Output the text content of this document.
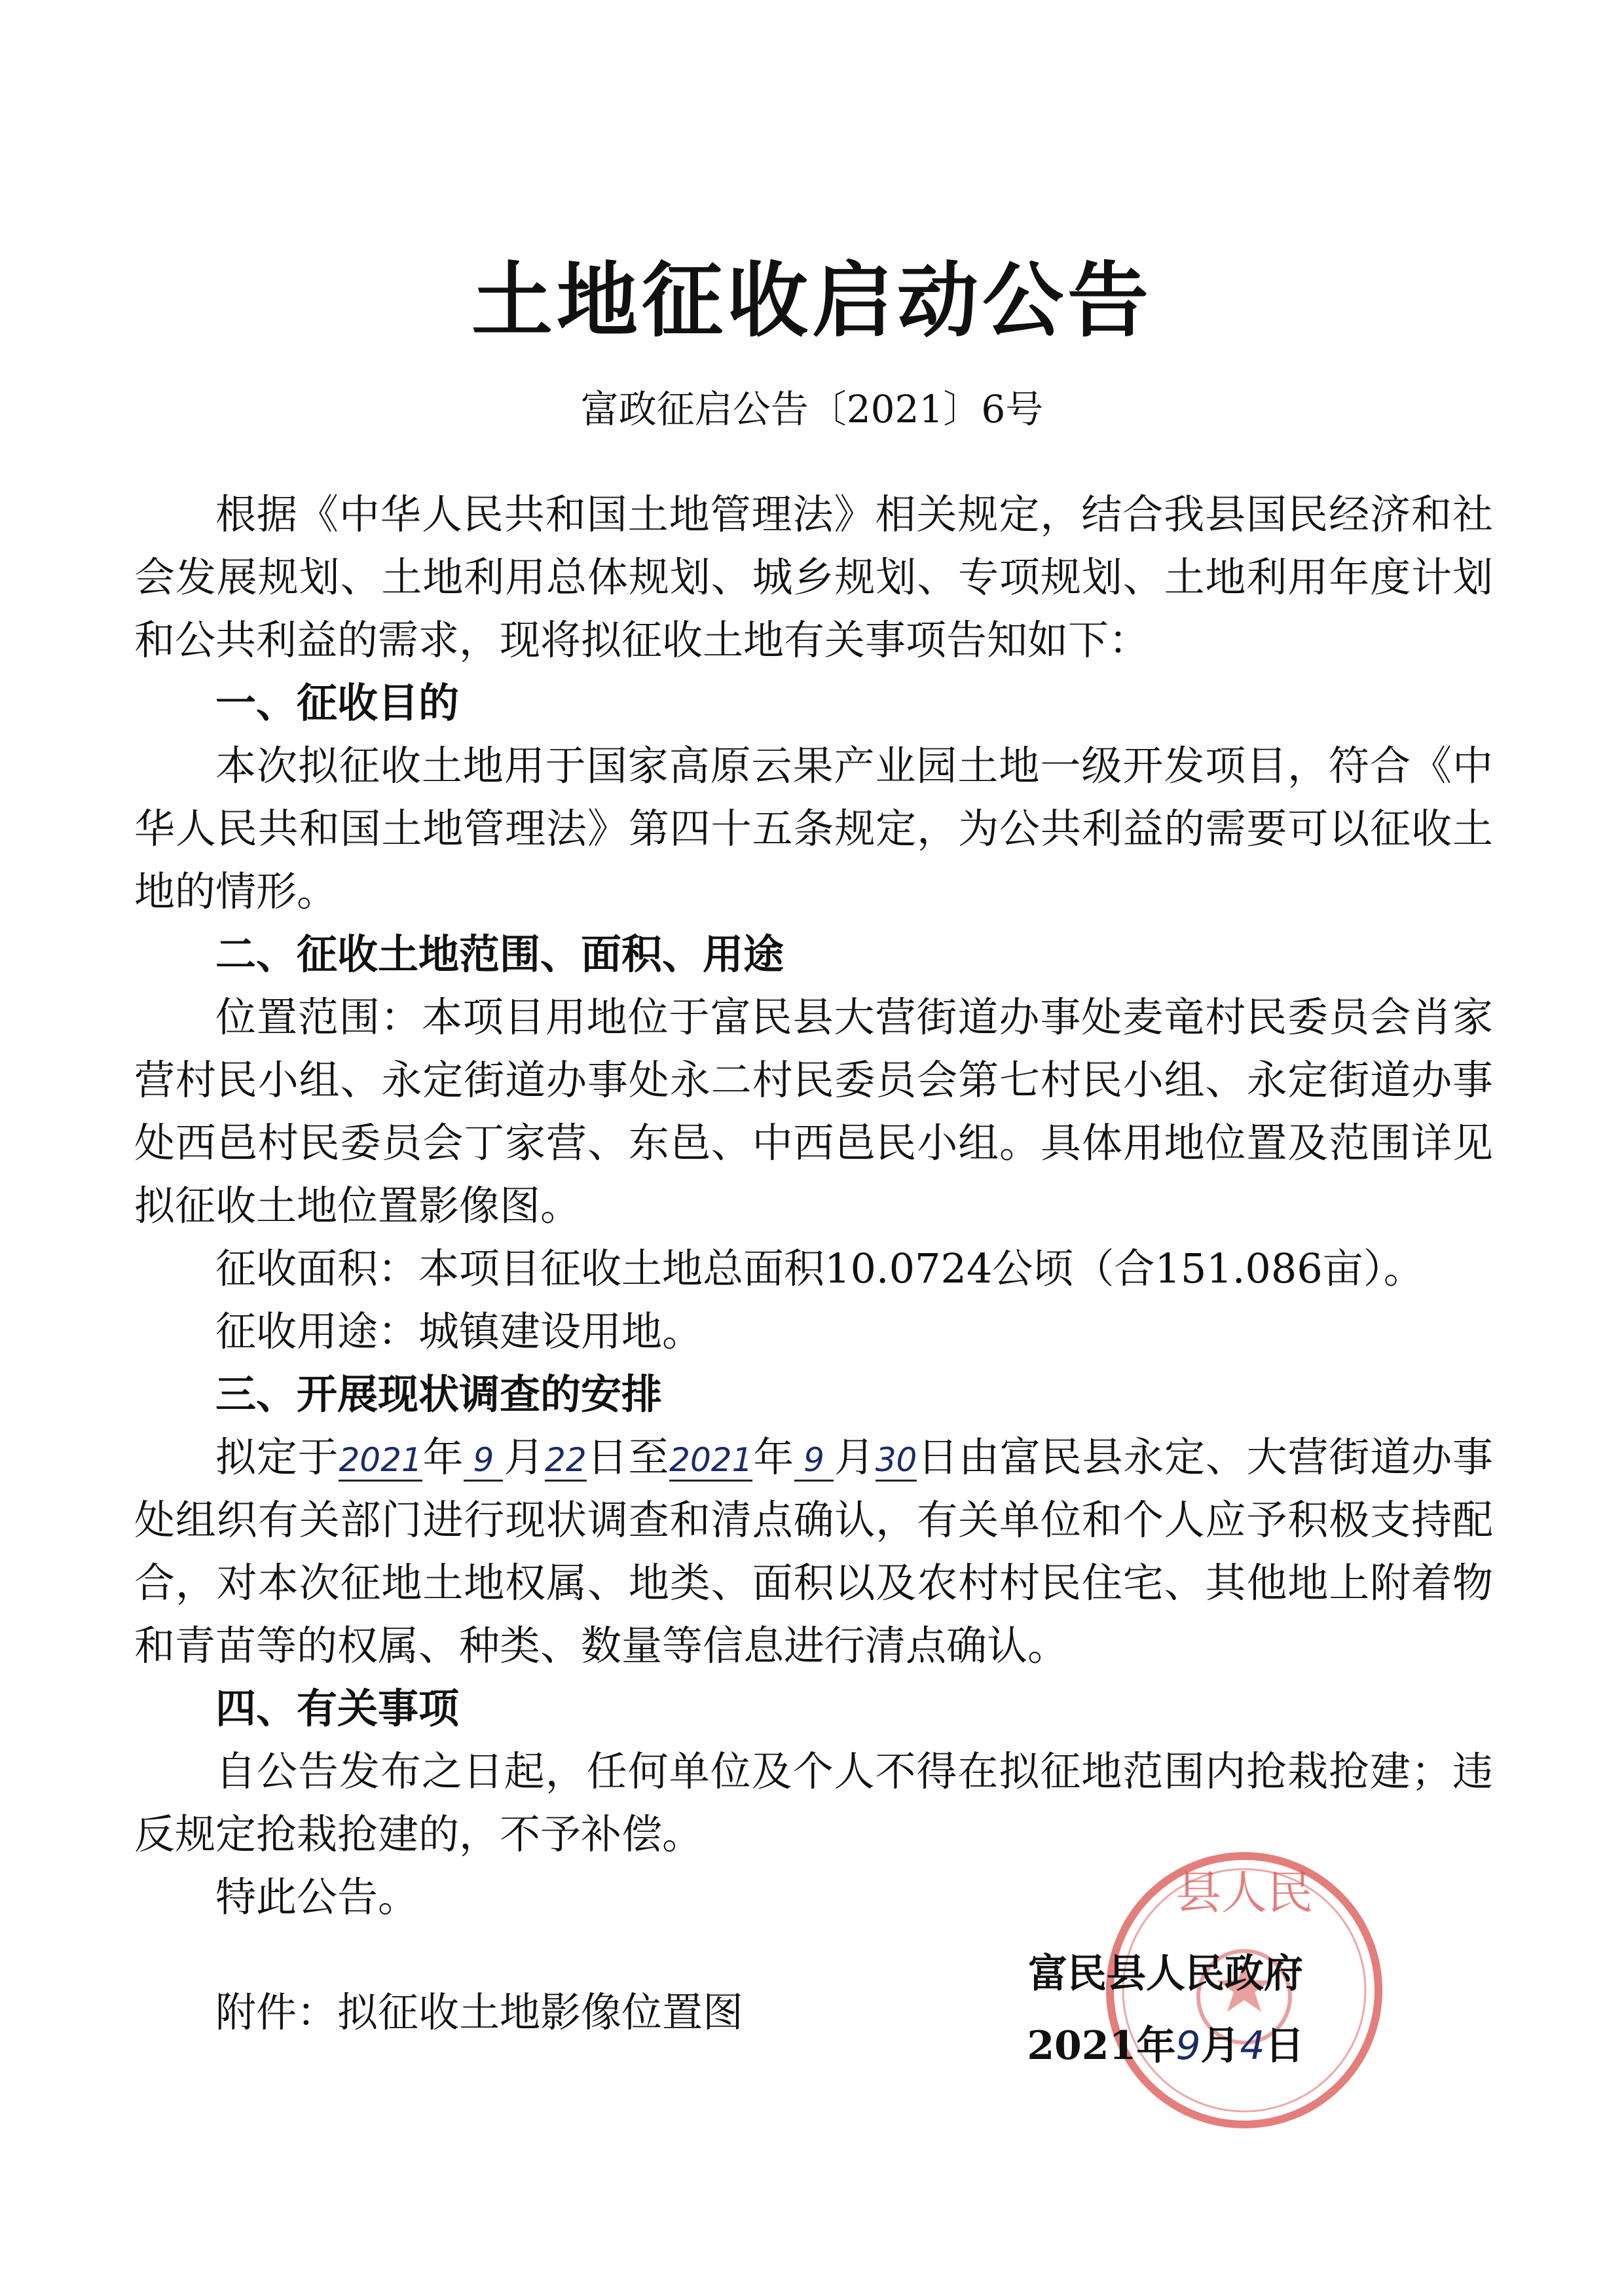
土地征收启动公告
富政征启公告〔2021〕6号

根据《中华人民共和国土地管理法》相关规定，结合我县国民经济和社会发展规划、土地利用总体规划、城乡规划、专项规划、土地利用年度计划和公共利益的需求，现将拟征收土地有关事项告知如下：

一、征收目的

本次拟征收土地用于国家高原云果产业园土地一级开发项目，符合《中华人民共和国土地管理法》第四十五条规定，为公共利益的需要可以征收土地的情形。

二、征收土地范围、面积、用途

位置范围：本项目用地位于富民县大营街道办事处麦竜村民委员会肖家营村民小组、永定街道办事处永二村民委员会第七村民小组、永定街道办事处西邑村民委员会丁家营、东邑、中西邑民小组。具体用地位置及范围详见拟征收土地位置影像图。

征收面积：本项目征收土地总面积10.0724公顷（合151.086亩）。

征收用途：城镇建设用地。

三、开展现状调查的安排

拟定于2021年 9 月22日至2021年 9 月30日由富民县永定、大营街道办事处组织有关部门进行现状调查和清点确认，有关单位和个人应予积极支持配合，对本次征地土地权属、地类、面积以及农村村民住宅、其他地上附着物和青苗等的权属、种类、数量等信息进行清点确认。

四、有关事项

自公告发布之日起，任何单位及个人不得在拟征地范围内抢栽抢建；违反规定抢栽抢建的，不予补偿。

特此公告。

附件：拟征收土地影像位置图

县人民
富民县人民政府
2021年9月4日
